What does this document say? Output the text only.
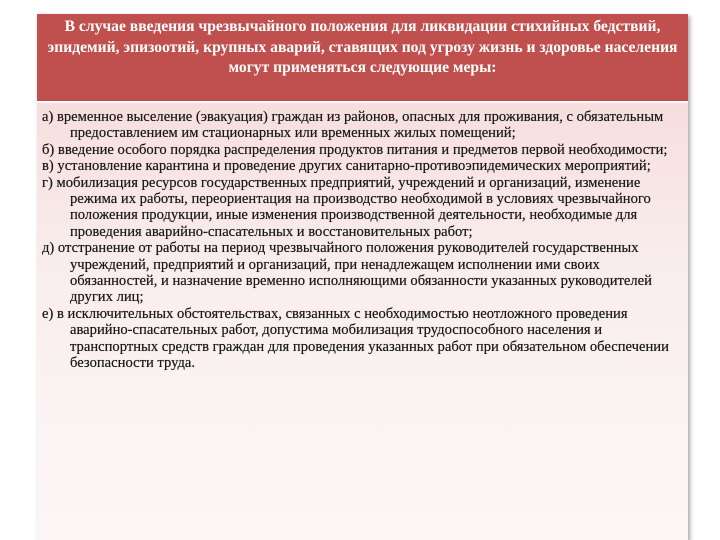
В случае введения чрезвычайного положения для ликвидации стихийных бедствий, эпидемий, эпизоотий, крупных аварий, ставящих под угрозу жизнь и здоровье населения могут применяться следующие меры:

а) временное выселение (эвакуация) граждан из районов, опасных для проживания, с обязательным предоставлением им стационарных или временных жилых помещений;
б) введение особого порядка распределения продуктов питания и предметов первой необходимости;
в) установление карантина и проведение других санитарно-противоэпидемических мероприятий;
г) мобилизация ресурсов государственных предприятий, учреждений и организаций, изменение режима их работы, переориентация на производство необходимой в условиях чрезвычайного положения продукции, иные изменения производственной деятельности, необходимые для проведения аварийно-спасательных и восстановительных работ;
д) отстранение от работы на период чрезвычайного положения руководителей государственных учреждений, предприятий и организаций, при ненадлежащем исполнении ими своих обязанностей, и назначение временно исполняющими обязанности указанных руководителей других лиц;
е) в исключительных обстоятельствах, связанных с необходимостью неотложного проведения аварийно-спасательных работ, допустима мобилизация трудоспособного населения и транспортных средств граждан для проведения указанных работ при обязательном обеспечении безопасности труда.
